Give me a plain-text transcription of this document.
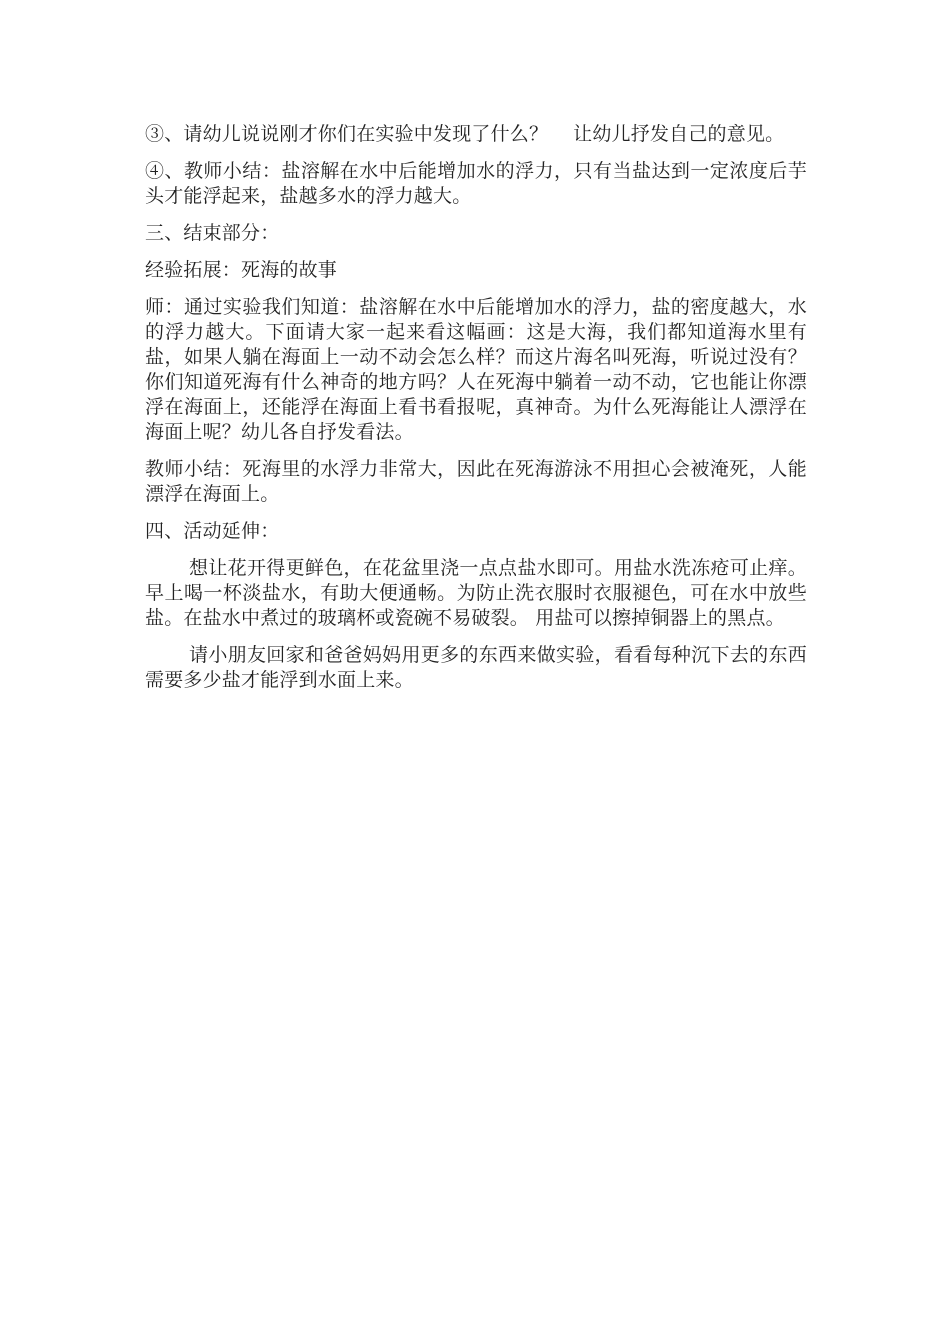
③、请幼儿说说刚才你们在实验中发现了什么？    让幼儿抒发自己的意见。

④、教师小结：盐溶解在水中后能增加水的浮力，只有当盐达到一定浓度后芋头才能浮起来，盐越多水的浮力越大。

三、结束部分：

经验拓展：死海的故事

师：通过实验我们知道：盐溶解在水中后能增加水的浮力，盐的密度越大，水的浮力越大。下面请大家一起来看这幅画：这是大海，我们都知道海水里有盐，如果人躺在海面上一动不动会怎么样？而这片海名叫死海，听说过没有？你们知道死海有什么神奇的地方吗？人在死海中躺着一动不动，它也能让你漂浮在海面上，还能浮在海面上看书看报呢，真神奇。为什么死海能让人漂浮在海面上呢？幼儿各自抒发看法。

教师小结：死海里的水浮力非常大，因此在死海游泳不用担心会被淹死，人能漂浮在海面上。

四、活动延伸：

想让花开得更鲜色，在花盆里浇一点点盐水即可。用盐水洗冻疮可止痒。早上喝一杯淡盐水，有助大便通畅。为防止洗衣服时衣服褪色，可在水中放些盐。在盐水中煮过的玻璃杯或瓷碗不易破裂。 用盐可以擦掉铜器上的黑点。

请小朋友回家和爸爸妈妈用更多的东西来做实验，看看每种沉下去的东西需要多少盐才能浮到水面上来。
